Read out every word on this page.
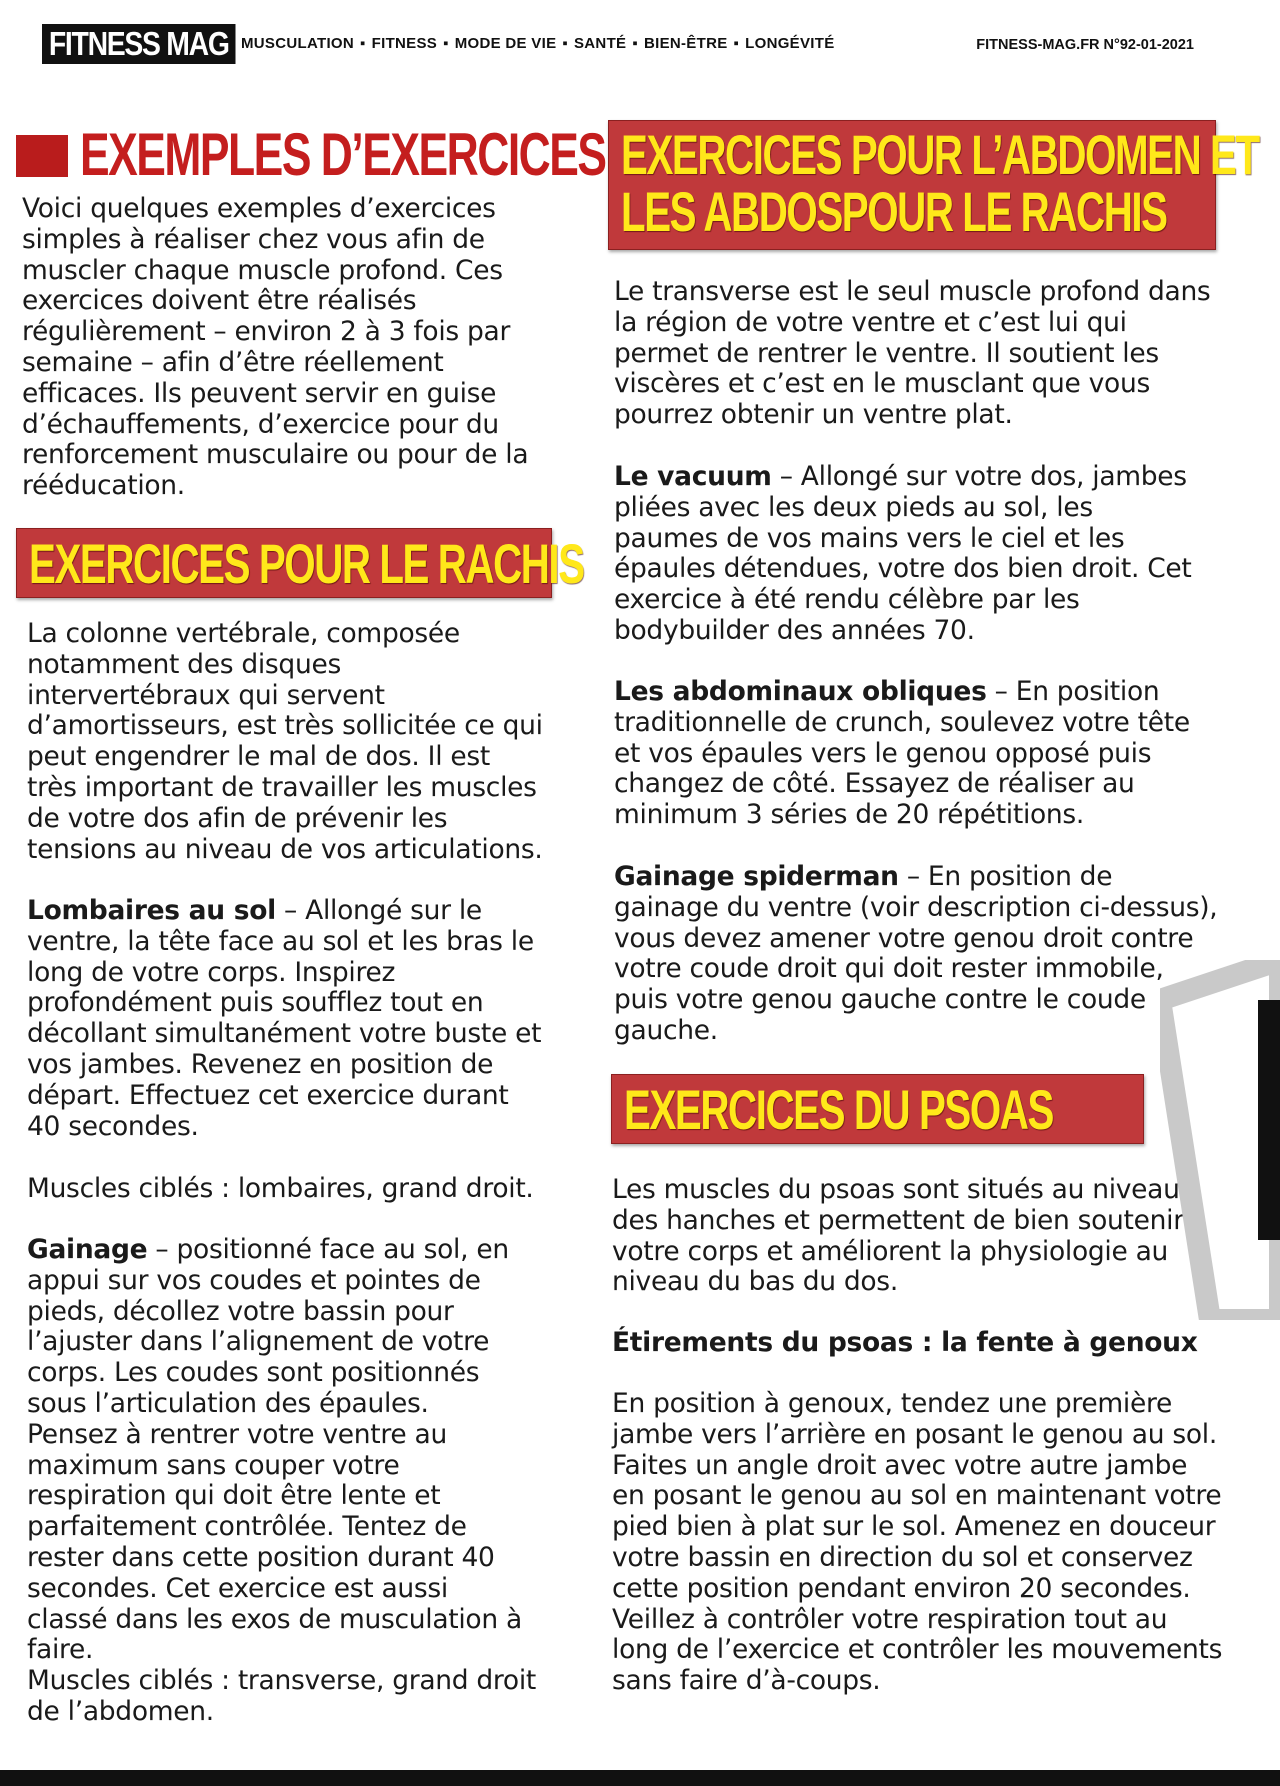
FITNESS MAG MUSCULATION ▪ FITNESS ▪ MODE DE VIE ▪ SANTÉ ▪ BIEN-ÊTRE ▪ LONGÉVITÉ	FITNESS-MAG.FR N°92-01-2021
EXEMPLES D’EXERCICES
Voici quelques exemples d’exercices simples à réaliser chez vous afin de muscler chaque muscle profond. Ces exercices doivent être réalisés régulièrement – environ 2 à 3 fois par semaine – afin d’être réellement efficaces. Ils peuvent servir en guise d’échauffements, d’exercice pour du renforcement musculaire ou pour de la rééducation.
EXERCICES POUR LE RACHIS
La colonne vertébrale, composée notamment des disques intervertébraux qui servent d’amortisseurs, est très sollicitée ce qui peut engendrer le mal de dos. Il est très important de travailler les muscles de votre dos afin de prévenir les tensions au niveau de vos articulations.
Lombaires au sol – Allongé sur le ventre, la tête face au sol et les bras le long de votre corps. Inspirez profondément puis soufflez tout en décollant simultanément votre buste et vos jambes. Revenez en position de départ. Effectuez cet exercice durant 40 secondes.
Muscles ciblés : lombaires, grand droit.
Gainage – positionné face au sol, en appui sur vos coudes et pointes de pieds, décollez votre bassin pour l’ajuster dans l’alignement de votre corps. Les coudes sont positionnés sous l’articulation des épaules. Pensez à rentrer votre ventre au maximum sans couper votre respiration qui doit être lente et parfaitement contrôlée. Tentez de rester dans cette position durant 40 secondes. Cet exercice est aussi classé dans les exos de musculation à faire.
Muscles ciblés : transverse, grand droit de l’abdomen.
EXERCICES POUR L’ABDOMEN ET
LES ABDOSPOUR LE RACHIS
Le transverse est le seul muscle profond dans la région de votre ventre et c’est lui qui permet de rentrer le ventre. Il soutient les viscères et c’est en le musclant que vous pourrez obtenir un ventre plat.
Le vacuum – Allongé sur votre dos, jambes pliées avec les deux pieds au sol, les paumes de vos mains vers le ciel et les épaules détendues, votre dos bien droit. Cet exercice à été rendu célèbre par les bodybuilder des années 70.
Les abdominaux obliques – En position traditionnelle de crunch, soulevez votre tête et vos épaules vers le genou opposé puis changez de côté. Essayez de réaliser au minimum 3 séries de 20 répétitions.
Gainage spiderman – En position de gainage du ventre (voir description ci-dessus), vous devez amener votre genou droit contre votre coude droit qui doit rester immobile, puis votre genou gauche contre le coude gauche.
EXERCICES DU PSOAS
Les muscles du psoas sont situés au niveau des hanches et permettent de bien soutenir votre corps et améliorent la physiologie au niveau du bas du dos.
Étirements du psoas : la fente à genoux
En position à genoux, tendez une première jambe vers l’arrière en posant le genou au sol. Faites un angle droit avec votre autre jambe en posant le genou au sol en maintenant votre pied bien à plat sur le sol. Amenez en douceur votre bassin en direction du sol et conservez cette position pendant environ 20 secondes. Veillez à contrôler votre respiration tout au long de l’exercice et contrôler les mouvements sans faire d’à-coups.
